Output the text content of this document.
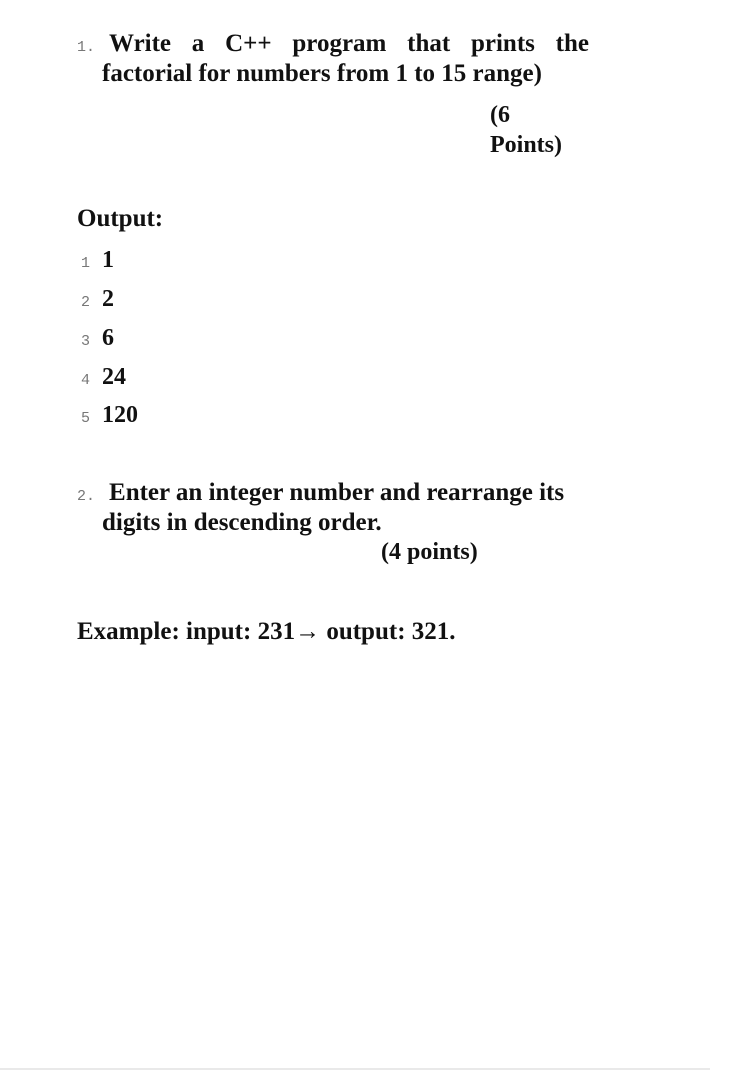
1. Write a C++ program that prints the
factorial for numbers from 1 to 15 range)
(6
Points)
Output:
1 1
2 2
3 6
4 24
5 120
2. Enter an integer number and rearrange its
digits in descending order.
(4 points)
Example: input: 231→ output: 321.
